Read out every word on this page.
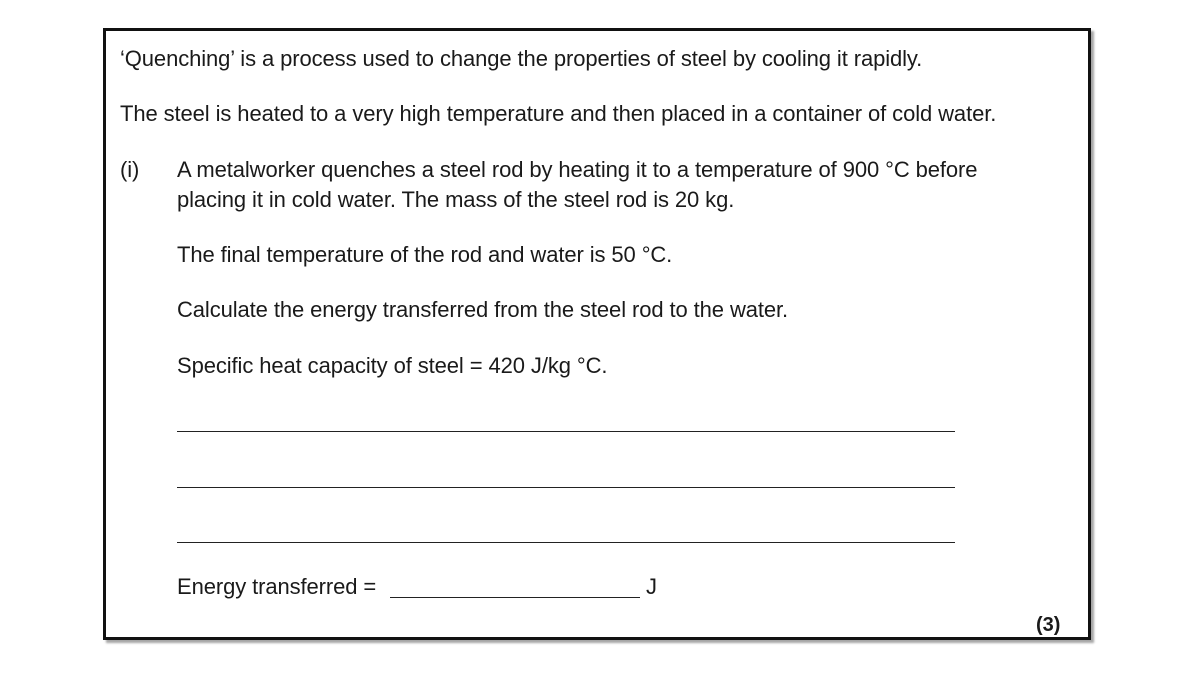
‘Quenching’ is a process used to change the properties of steel by cooling it rapidly.
The steel is heated to a very high temperature and then placed in a container of cold water.
(i) A metalworker quenches a steel rod by heating it to a temperature of 900 °C before
placing it in cold water. The mass of the steel rod is 20 kg.
The final temperature of the rod and water is 50 °C.
Calculate the energy transferred from the steel rod to the water.
Specific heat capacity of steel = 420 J/kg °C.
Energy transferred =	J
(3)
